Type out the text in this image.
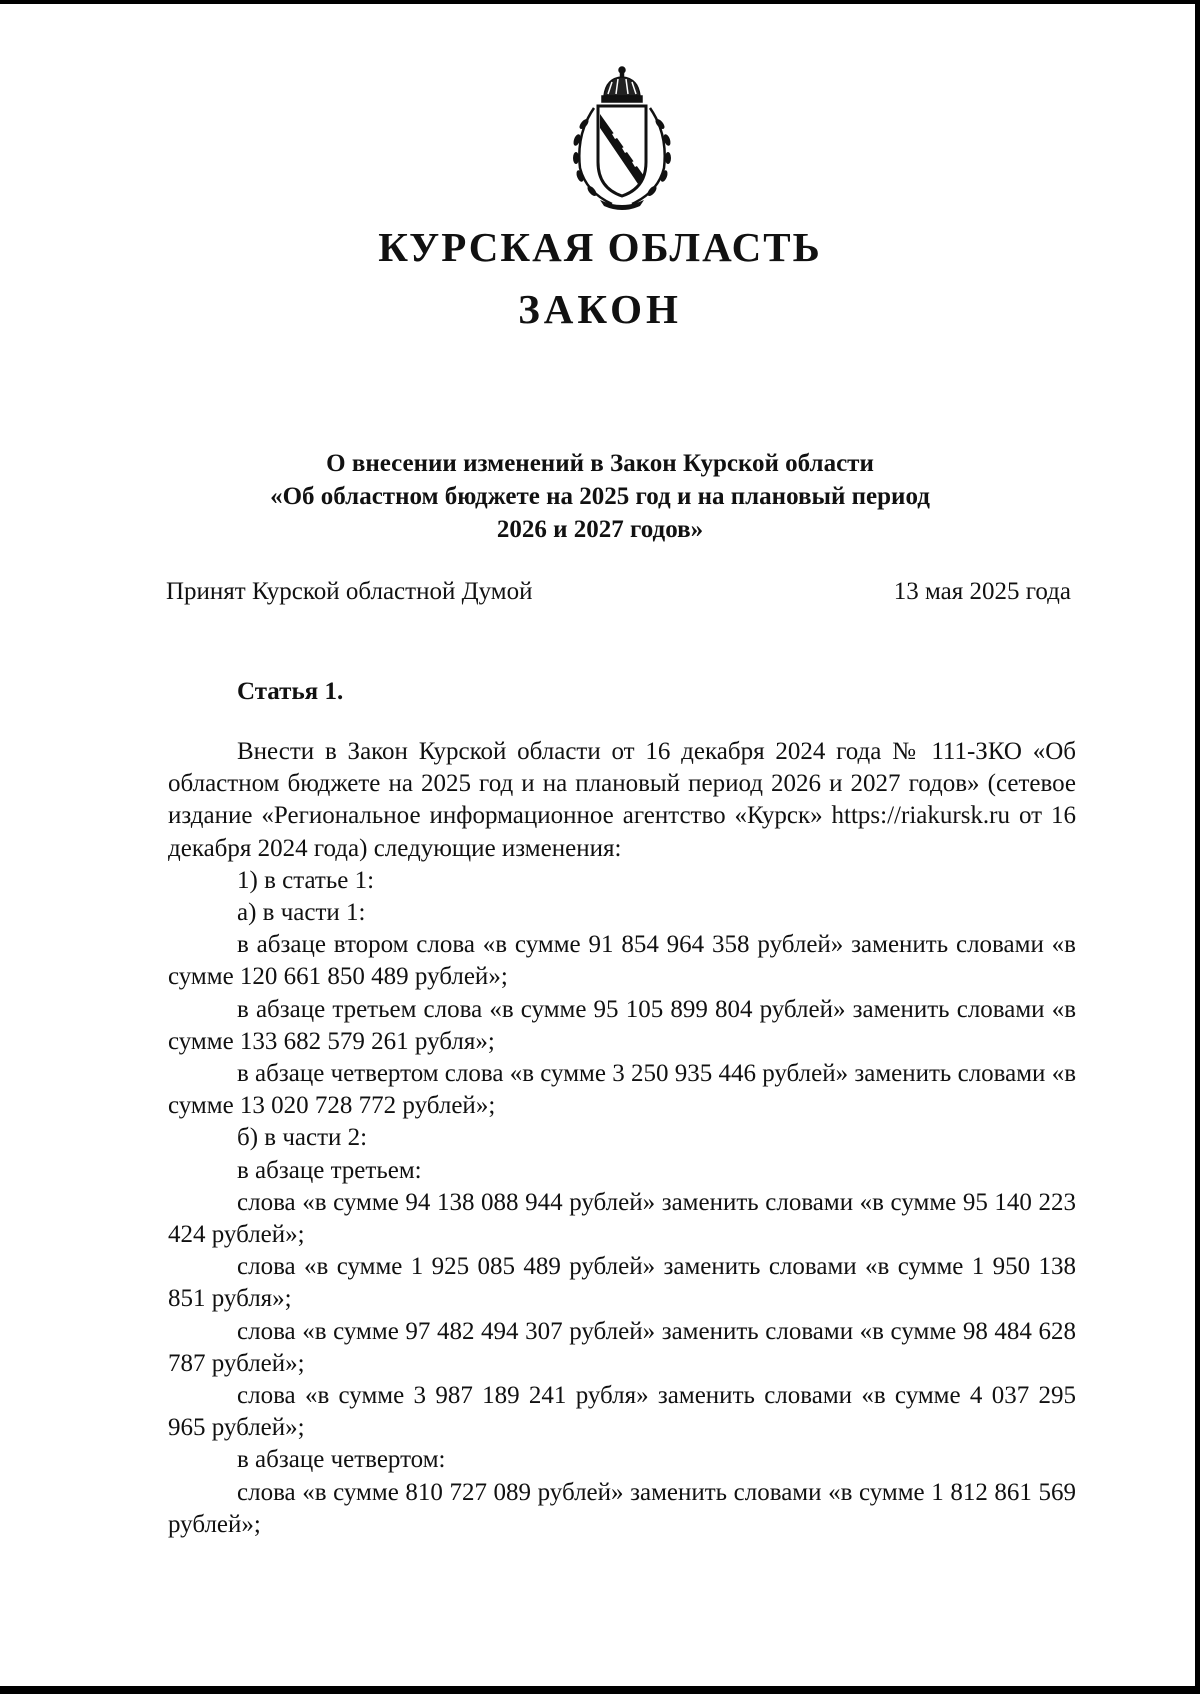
КУРСКАЯ ОБЛАСТЬ
ЗАКОН
О внесении изменений в Закон Курской области
«Об областном бюджете на 2025 год и на плановый период
2026 и 2027 годов»
Принят Курской областной Думой	13 мая 2025 года
Статья 1.

Внести в Закон Курской области от 16 декабря 2024 года № 111-ЗКО «Об областном бюджете на 2025 год и на плановый период 2026 и 2027 годов» (сетевое издание «Региональное информационное агентство «Курск» https://riakursk.ru от 16 декабря 2024 года) следующие изменения:

1) в статье 1:

а) в части 1:

в абзаце втором слова «в сумме 91 854 964 358 рублей» заменить словами «в сумме 120 661 850 489 рублей»;

в абзаце третьем слова «в сумме 95 105 899 804 рублей» заменить словами «в сумме 133 682 579 261 рубля»;

в абзаце четвертом слова «в сумме 3 250 935 446 рублей» заменить словами «в сумме 13 020 728 772 рублей»;

б) в части 2:

в абзаце третьем:

слова «в сумме 94 138 088 944 рублей» заменить словами «в сумме 95 140 223 424 рублей»;

слова «в сумме 1 925 085 489 рублей» заменить словами «в сумме 1 950 138 851 рубля»;

слова «в сумме 97 482 494 307 рублей» заменить словами «в сумме 98 484 628 787 рублей»;

слова «в сумме 3 987 189 241 рубля» заменить словами «в сумме 4 037 295 965 рублей»;

в абзаце четвертом:

слова «в сумме 810 727 089 рублей» заменить словами «в сумме 1 812 861 569 рублей»;
